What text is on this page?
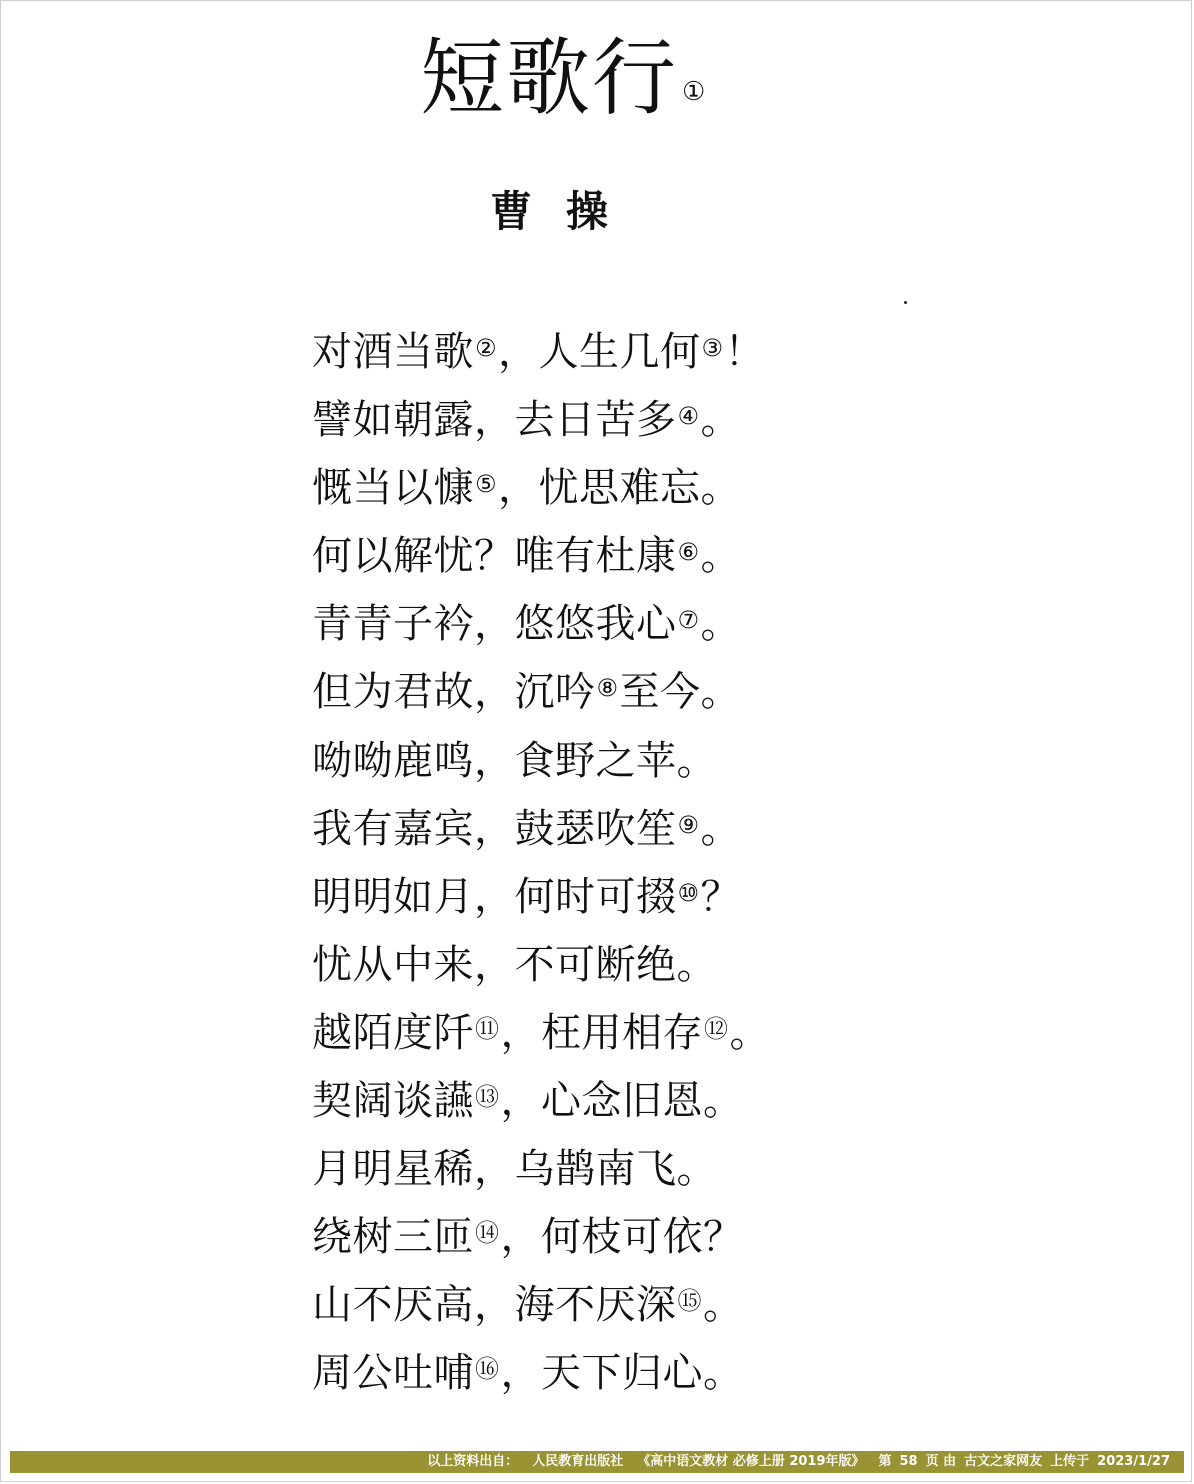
短歌行 ①
曹操
对酒当歌②，人生几何③！
譬如朝露，去日苦多④。
慨当以慷⑤，忧思难忘。
何以解忧？唯有杜康⑥。
青青子衿，悠悠我心⑦。
但为君故，沉吟⑧至今。
呦呦鹿鸣，食野之苹。
我有嘉宾，鼓瑟吹笙⑨。
明明如月，何时可掇⑩？
忧从中来，不可断绝。
越陌度阡⑪，枉用相存⑫。
契阔谈讌⑬，心念旧恩。
月明星稀，乌鹊南飞。
绕树三匝⑭，何枝可依？
山不厌高，海不厌深⑮。
周公吐哺⑯，天下归心。
以上资料出自： 人民教育出版社 《高中语文教材 必修上册 2019年版》 第 58 页 由 古文之家网友 上传于 2023/1/27
